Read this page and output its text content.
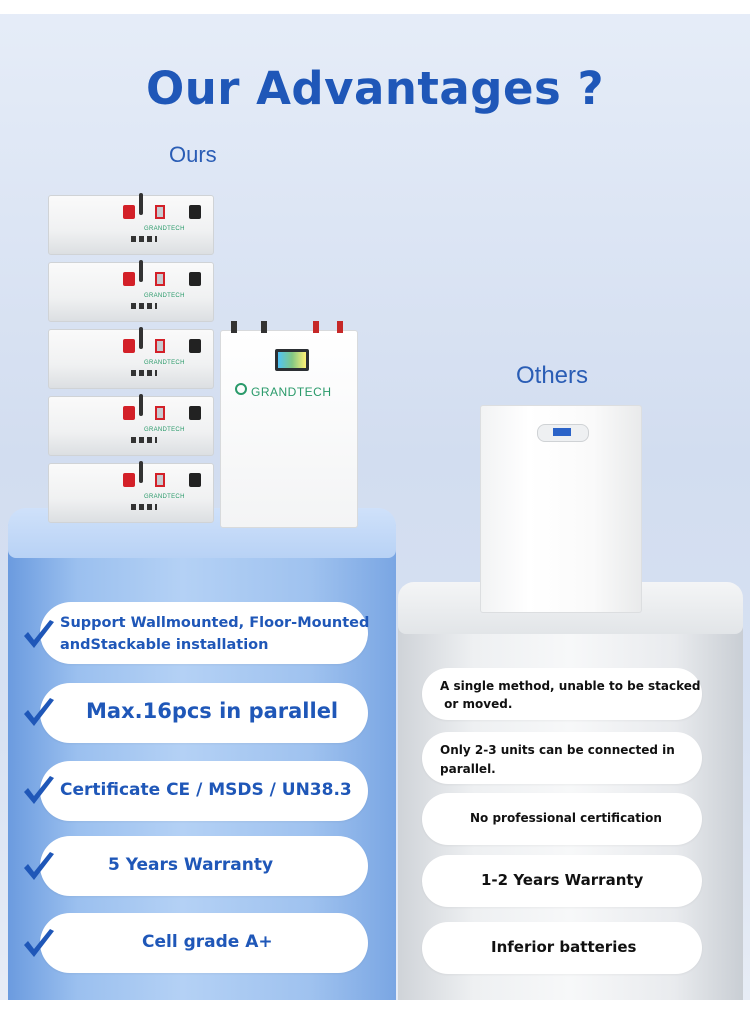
Our Advantages ?
Ours
Others
GRANDTECH
GRANDTECH
GRANDTECH
GRANDTECH
GRANDTECH
GRANDTECH
Support Wallmounted, Floor-Mounted
andStackable installation
Max.16pcs in parallel
Certificate CE / MSDS / UN38.3
5 Years Warranty
Cell grade A+
A single method, unable to be stacked
or moved.
Only 2-3 units can be connected in
parallel.
No professional certification
1-2 Years Warranty
Inferior batteries
